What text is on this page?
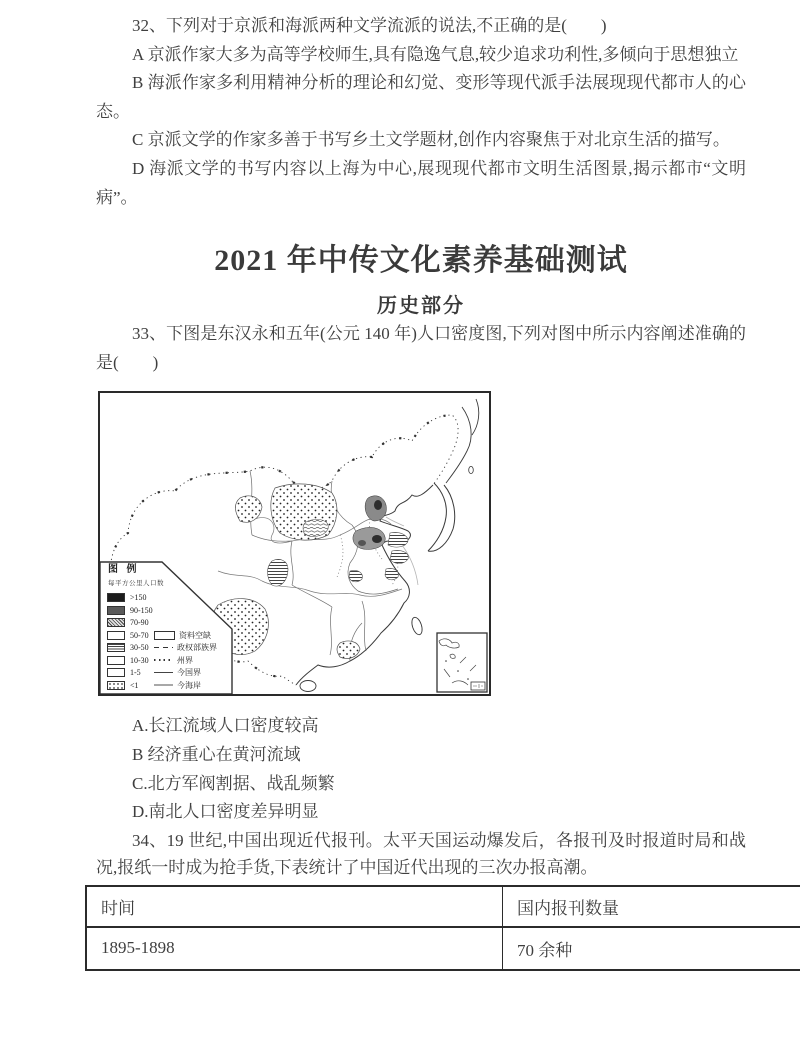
32、下列对于京派和海派两种文学流派的说法,不正确的是(　　)

A 京派作家大多为高等学校师生,具有隐逸气息,较少追求功利性,多倾向于思想独立

B 海派作家多利用精神分析的理论和幻觉、变形等现代派手法展现现代都市人的心态。

C 京派文学的作家多善于书写乡土文学题材,创作内容聚焦于对北京生活的描写。

D 海派文学的书写内容以上海为中心,展现现代都市文明生活图景,揭示都市“文明病”。

2021 年中传文化素养基础测试
历史部分

33、下图是东汉永和五年(公元 140 年)人口密度图,下列对图中所示内容阐述准确的是(　　)

图 例
每平方公里人口数
>150
90-150
70-90
50-70
30-50
10-30
1-5
<1
资料空缺
政权部族界
州界
今国界
今海岸

A.长江流域人口密度较高

B 经济重心在黄河流域

C.北方军阀割据、战乱频繁

D.南北人口密度差异明显

34、19 世纪,中国出现近代报刊。太平天国运动爆发后，各报刊及时报道时局和战况,报纸一时成为抢手货,下表统计了中国近代出现的三次办报高潮。

时间	国内报刊数量
1895-1898	70 余种
